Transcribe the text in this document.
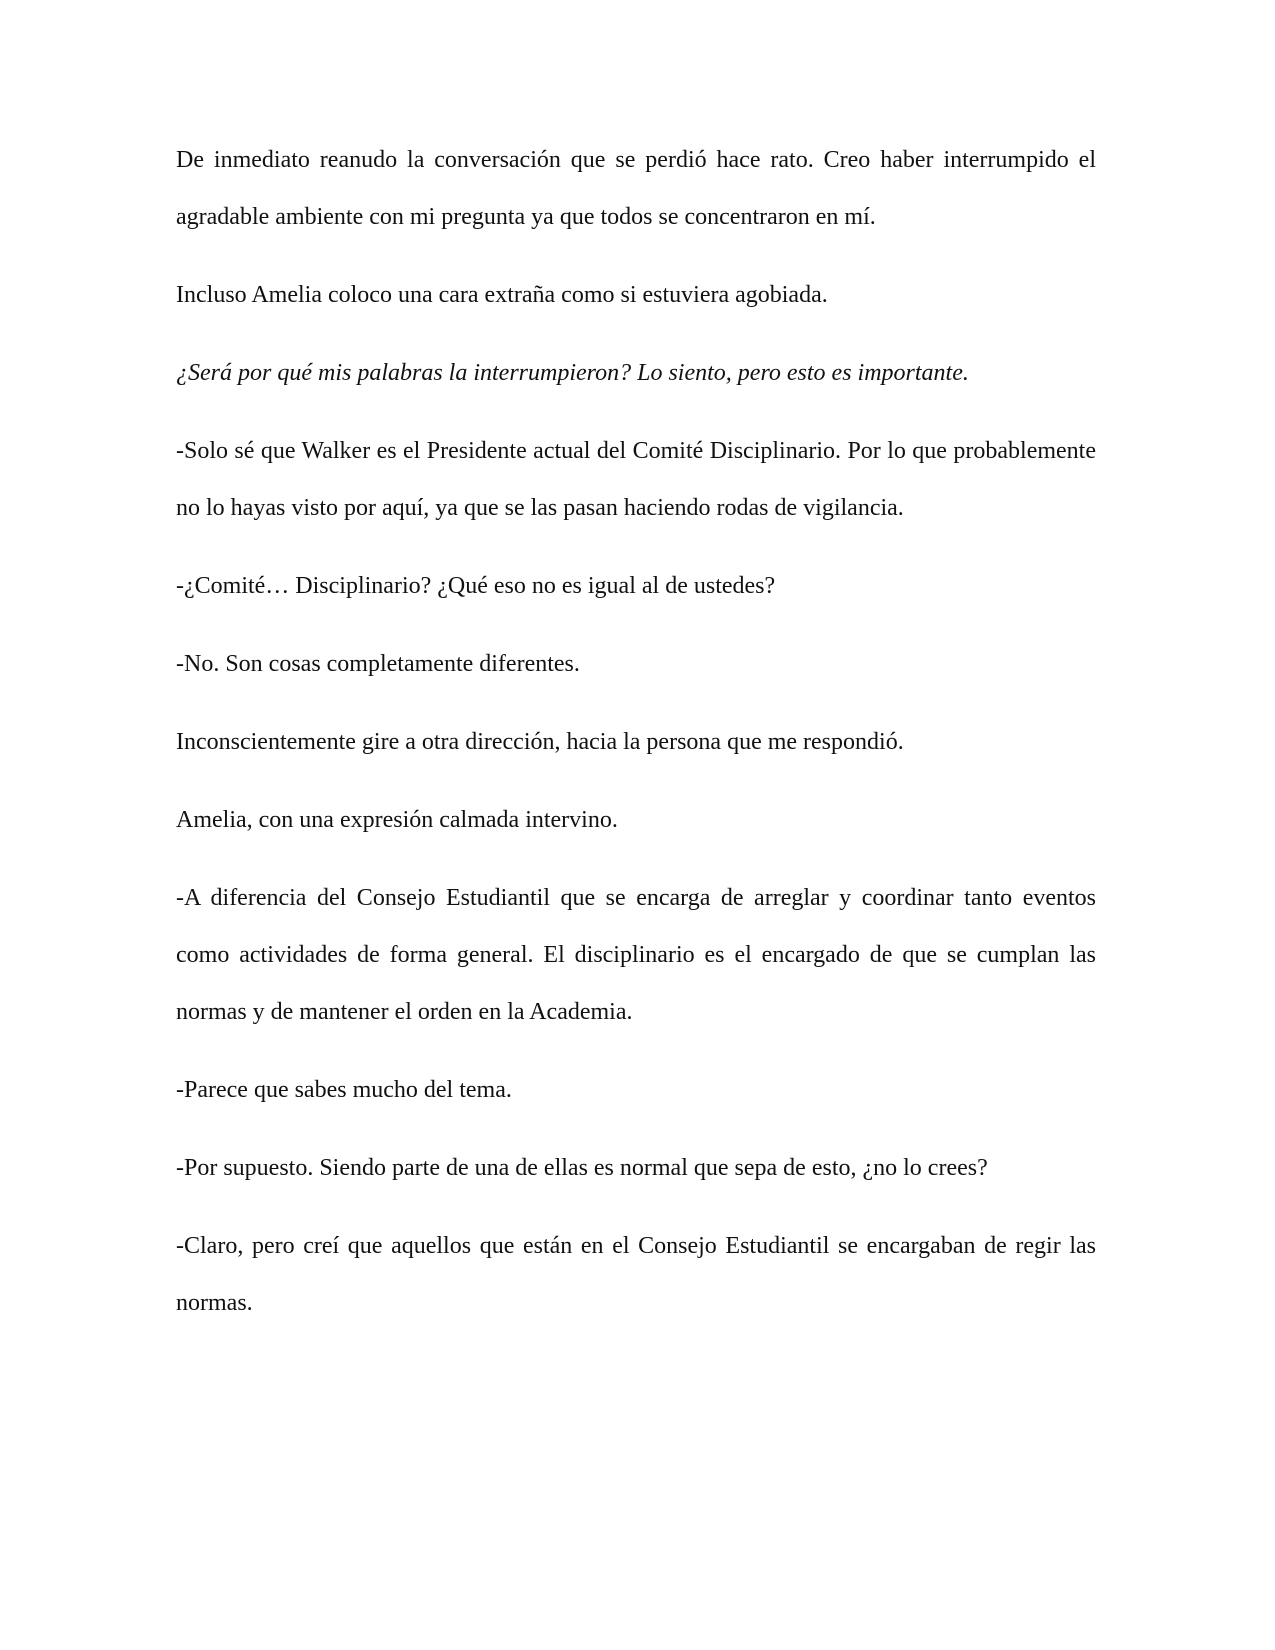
De inmediato reanudo la conversación que se perdió hace rato. Creo haber interrumpido el agradable ambiente con mi pregunta ya que todos se concentraron en mí.

Incluso Amelia coloco una cara extraña como si estuviera agobiada.

¿Será por qué mis palabras la interrumpieron? Lo siento, pero esto es importante.

-Solo sé que Walker es el Presidente actual del Comité Disciplinario. Por lo que probablemente no lo hayas visto por aquí, ya que se las pasan haciendo rodas de vigilancia.

-¿Comité… Disciplinario? ¿Qué eso no es igual al de ustedes?

-No. Son cosas completamente diferentes.

Inconscientemente gire a otra dirección, hacia la persona que me respondió.

Amelia, con una expresión calmada intervino.

-A diferencia del Consejo Estudiantil que se encarga de arreglar y coordinar tanto eventos como actividades de forma general. El disciplinario es el encargado de que se cumplan las normas y de mantener el orden en la Academia.

-Parece que sabes mucho del tema.

-Por supuesto. Siendo parte de una de ellas es normal que sepa de esto, ¿no lo crees?

-Claro, pero creí que aquellos que están en el Consejo Estudiantil se encargaban de regir las normas.
